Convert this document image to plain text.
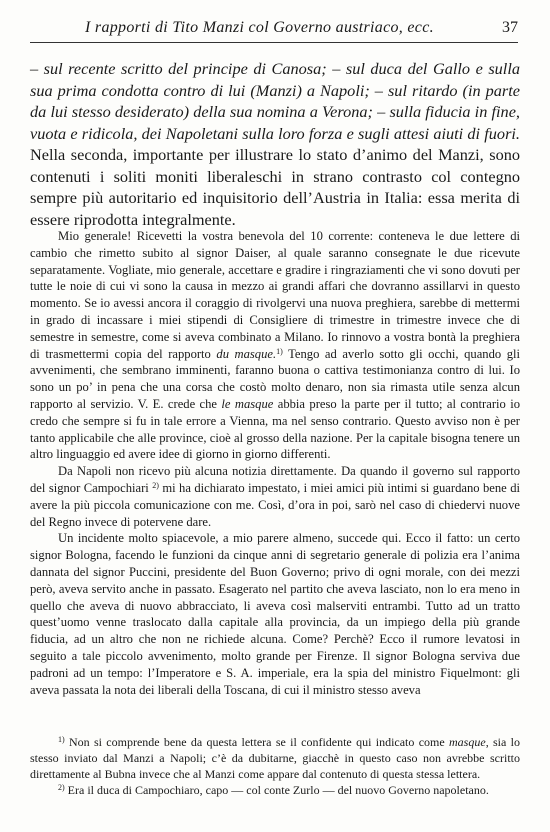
I rapporti di Tito Manzi col Governo austriaco, ecc.	37
– sul recente scritto del principe di Canosa; – sul duca del Gallo e sulla sua prima condotta contro di lui (Manzi) a Napoli; – sul ritardo (in parte da lui stesso desiderato) della sua nomina a Verona; – sulla fiducia in fine, vuota e ridicola, dei Napoletani sulla loro forza e sugli attesi aiuti di fuori. Nella seconda, importante per illustrare lo stato d’animo del Manzi, sono contenuti i soliti moniti liberaleschi in strano contrasto col contegno sempre più autoritario ed inquisitorio dell’Austria in Italia: essa merita di essere riprodotta integralmente.

Mio generale! Ricevetti la vostra benevola del 10 corrente: conteneva le due lettere di cambio che rimetto subito al signor Daiser, al quale saranno consegnate le due ricevute separatamente. Vogliate, mio generale, accettare e gradire i ringraziamenti che vi sono dovuti per tutte le noie di cui vi sono la causa in mezzo ai grandi affari che dovranno assillarvi in questo momento. Se io avessi ancora il coraggio di rivolgervi una nuova preghiera, sarebbe di mettermi in grado di incassare i miei stipendi di Consigliere di trimestre in trimestre invece che di semestre in semestre, come si aveva combinato a Milano. Io rinnovo a vostra bontà la preghiera di trasmettermi copia del rapporto du masque.$^{1)}$ Tengo ad averlo sotto gli occhi, quando gli avvenimenti, che sembrano imminenti, faranno buona o cattiva testimonianza contro di lui. Io sono un po’ in pena che una corsa che costò molto denaro, non sia rimasta utile senza alcun rapporto al servizio. V. E. crede che le masque abbia preso la parte per il tutto; al contrario io credo che sempre si fu in tale errore a Vienna, ma nel senso contrario. Questo avviso non è per tanto applicabile che alle province, cioè al grosso della nazione. Per la capitale bisogna tenere un altro linguaggio ed avere idee di giorno in giorno differenti.

Da Napoli non ricevo più alcuna notizia direttamente. Da quando il governo sul rapporto del signor Campochiari $^{2)}$ mi ha dichiarato impestato, i miei amici più intimi si guardano bene di avere la più piccola comunicazione con me. Così, d’ora in poi, sarò nel caso di chiedervi nuove del Regno invece di potervene dare.

Un incidente molto spiacevole, a mio parere almeno, succede qui. Ecco il fatto: un certo signor Bologna, facendo le funzioni da cinque anni di segretario generale di polizia era l’anima dannata del signor Puccini, presidente del Buon Governo; privo di ogni morale, con dei mezzi però, aveva servito anche in passato. Esagerato nel partito che aveva lasciato, non lo era meno in quello che aveva di nuovo abbracciato, li aveva così malserviti entrambi. Tutto ad un tratto quest’uomo venne traslocato dalla capitale alla provincia, da un impiego della più grande fiducia, ad un altro che non ne richiede alcuna. Come? Perchè? Ecco il rumore levatosi in seguito a tale piccolo avvenimento, molto grande per Firenze. Il signor Bologna serviva due padroni ad un tempo: l’Imperatore e S. A. imperiale, era la spia del ministro Fiquelmont: gli aveva passata la nota dei liberali della Toscana, di cui il ministro stesso aveva

$^{1)}$ Non si comprende bene da questa lettera se il confidente qui indicato come masque, sia lo stesso inviato dal Manzi a Napoli; c’è da dubitarne, giacchè in questo caso non avrebbe scritto direttamente al Bubna invece che al Manzi come appare dal contenuto di questa stessa lettera.

$^{2)}$ Era il duca di Campochiaro, capo — col conte Zurlo — del nuovo Governo napoletano.
